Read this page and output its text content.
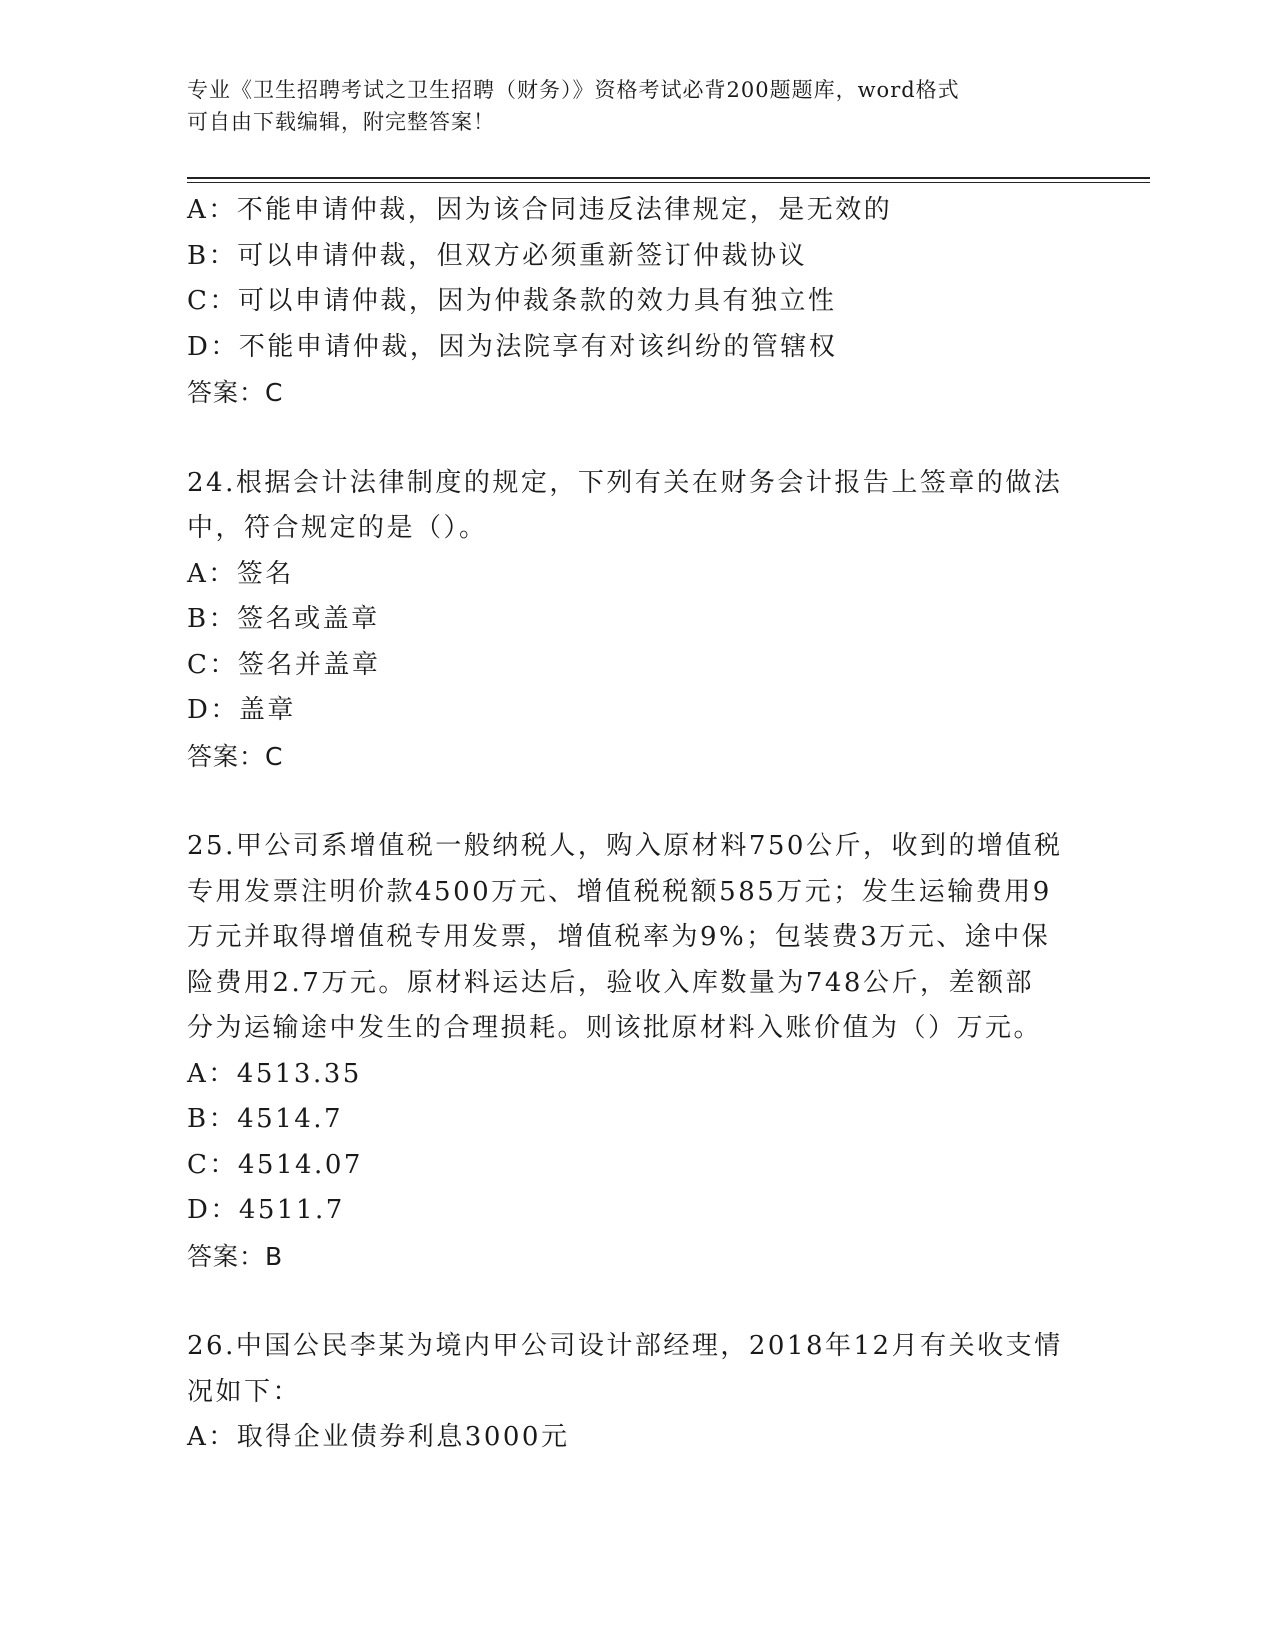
专业《卫生招聘考试之卫生招聘（财务）》资格考试必背200题题库，word格式
可自由下载编辑，附完整答案！
A：不能申请仲裁，因为该合同违反法律规定，是无效的
B：可以申请仲裁，但双方必须重新签订仲裁协议
C：可以申请仲裁，因为仲裁条款的效力具有独立性
D：不能申请仲裁，因为法院享有对该纠纷的管辖权
答案：C
24.根据会计法律制度的规定，下列有关在财务会计报告上签章的做法
中，符合规定的是（）。
A：签名
B：签名或盖章
C：签名并盖章
D：盖章
答案：C
25.甲公司系增值税一般纳税人，购入原材料750公斤，收到的增值税
专用发票注明价款4500万元、增值税税额585万元；发生运输费用9
万元并取得增值税专用发票，增值税率为9%；包装费3万元、途中保
险费用2.7万元。原材料运达后，验收入库数量为748公斤，差额部
分为运输途中发生的合理损耗。则该批原材料入账价值为（）万元。
A：4513.35
B：4514.7
C：4514.07
D：4511.7
答案：B
26.中国公民李某为境内甲公司设计部经理，2018年12月有关收支情
况如下：
A：取得企业债券利息3000元
